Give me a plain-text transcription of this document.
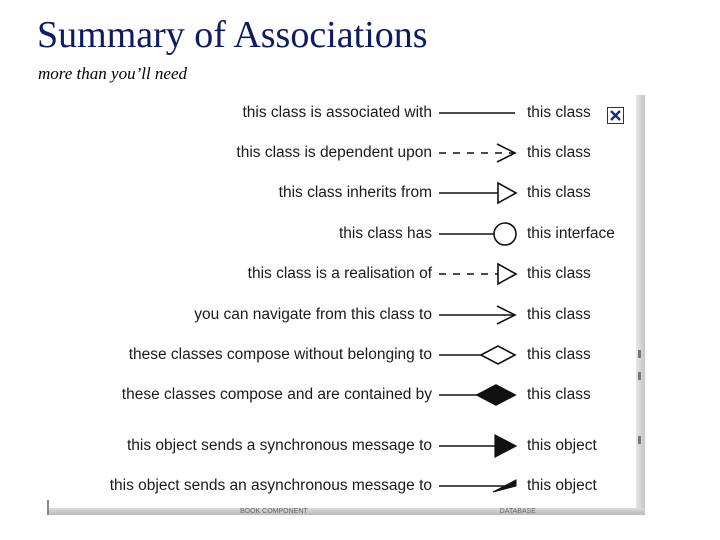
Summary of Associations
more than you’ll need
BOOK COMPONENT	DATABASE
this class is associated with	this class
this class is dependent upon	this class
this class inherits from	this class
this class has	this interface
this class is a realisation of	this class
you can navigate from this class to	this class
these classes compose without belonging to	this class
these classes compose and are contained by	this class
this object sends a synchronous message to	this object
this object sends an asynchronous message to	this object
